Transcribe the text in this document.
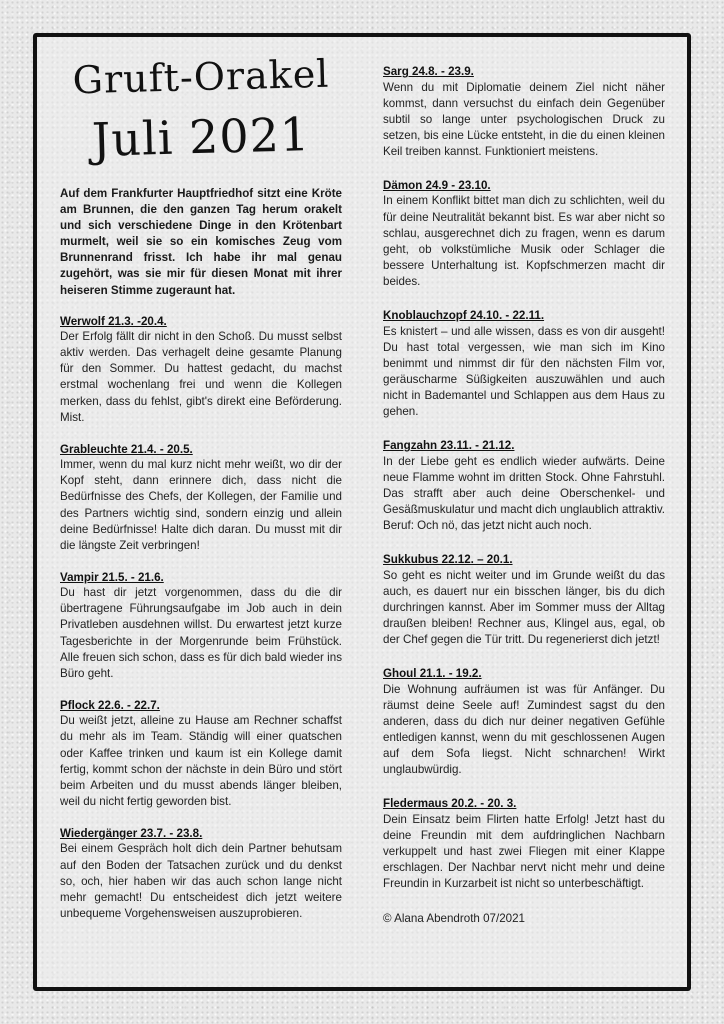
Gruft-Orakel
Juli 2021

Auf dem Frankfurter Hauptfriedhof sitzt eine Kröte am Brunnen, die den ganzen Tag herum orakelt und sich verschiedene Dinge in den Krötenbart murmelt, weil sie so ein komisches Zeug vom Brunnenrand frisst. Ich habe ihr mal genau zugehört, was sie mir für diesen Monat mit ihrer heiseren Stimme zugeraunt hat.

Werwolf 21.3. -20.4.

Der Erfolg fällt dir nicht in den Schoß. Du musst selbst aktiv werden. Das verhagelt deine gesamte Planung für den Sommer. Du hattest gedacht, du machst erstmal wochenlang frei und wenn die Kollegen merken, dass du fehlst, gibt's direkt eine Beförderung. Mist.

Grableuchte 21.4. - 20.5.

Immer, wenn du mal kurz nicht mehr weißt, wo dir der Kopf steht, dann erinnere dich, dass nicht die Bedürfnisse des Chefs, der Kollegen, der Familie und des Partners wichtig sind, sondern einzig und allein deine Bedürfnisse! Halte dich daran. Du musst mit dir die längste Zeit verbringen!

Vampir 21.5. - 21.6.

Du hast dir jetzt vorgenommen, dass du die dir übertragene Führungsaufgabe im Job auch in dein Privatleben ausdehnen willst. Du erwartest jetzt kurze Tagesberichte in der Morgenrunde beim Frühstück. Alle freuen sich schon, dass es für dich bald wieder ins Büro geht.

Pflock 22.6. - 22.7.

Du weißt jetzt, alleine zu Hause am Rechner schaffst du mehr als im Team. Ständig will einer quatschen oder Kaffee trinken und kaum ist ein Kollege damit fertig, kommt schon der nächste in dein Büro und stört beim Arbeiten und du musst abends länger bleiben, weil du nicht fertig geworden bist.

Wiedergänger 23.7. - 23.8.

Bei einem Gespräch holt dich dein Partner behutsam auf den Boden der Tatsachen zurück und du denkst so, och, hier haben wir das auch schon lange nicht mehr gemacht! Du entscheidest dich jetzt weitere unbequeme Vorgehensweisen auszuprobieren.

Sarg 24.8. - 23.9.

Wenn du mit Diplomatie deinem Ziel nicht näher kommst, dann versuchst du einfach dein Gegenüber subtil so lange unter psychologischen Druck zu setzen, bis eine Lücke entsteht, in die du einen kleinen Keil treiben kannst. Funktioniert meistens.

Dämon 24.9 - 23.10.

In einem Konflikt bittet man dich zu schlichten, weil du für deine Neutralität bekannt bist. Es war aber nicht so schlau, ausgerechnet dich zu fragen, wenn es darum geht, ob volkstümliche Musik oder Schlager die bessere Unterhaltung ist. Kopfschmerzen macht dir beides.

Knoblauchzopf 24.10. - 22.11.

Es knistert – und alle wissen, dass es von dir ausgeht! Du hast total vergessen, wie man sich im Kino benimmt und nimmst dir für den nächsten Film vor, geräuscharme Süßigkeiten auszuwählen und auch nicht in Bademantel und Schlappen aus dem Haus zu gehen.

Fangzahn 23.11. - 21.12.

In der Liebe geht es endlich wieder aufwärts. Deine neue Flamme wohnt im dritten Stock. Ohne Fahrstuhl. Das strafft aber auch deine Oberschenkel- und Gesäßmuskulatur und macht dich unglaublich attraktiv. Beruf: Och nö, das jetzt nicht auch noch.

Sukkubus 22.12. – 20.1.

So geht es nicht weiter und im Grunde weißt du das auch, es dauert nur ein bisschen länger, bis du dich durchringen kannst. Aber im Sommer muss der Alltag draußen bleiben! Rechner aus, Klingel aus, egal, ob der Chef gegen die Tür tritt. Du regenerierst dich jetzt!

Ghoul 21.1. - 19.2.

Die Wohnung aufräumen ist was für Anfänger. Du räumst deine Seele auf! Zumindest sagst du den anderen, dass du dich nur deiner negativen Gefühle entledigen kannst, wenn du mit geschlossenen Augen auf dem Sofa liegst. Nicht schnarchen! Wirkt unglaubwürdig.

Fledermaus 20.2. - 20. 3.

Dein Einsatz beim Flirten hatte Erfolg! Jetzt hast du deine Freundin mit dem aufdringlichen Nachbarn verkuppelt und hast zwei Fliegen mit einer Klappe erschlagen. Der Nachbar nervt nicht mehr und deine Freundin in Kurzarbeit ist nicht so unterbeschäftigt.

© Alana Abendroth 07/2021
